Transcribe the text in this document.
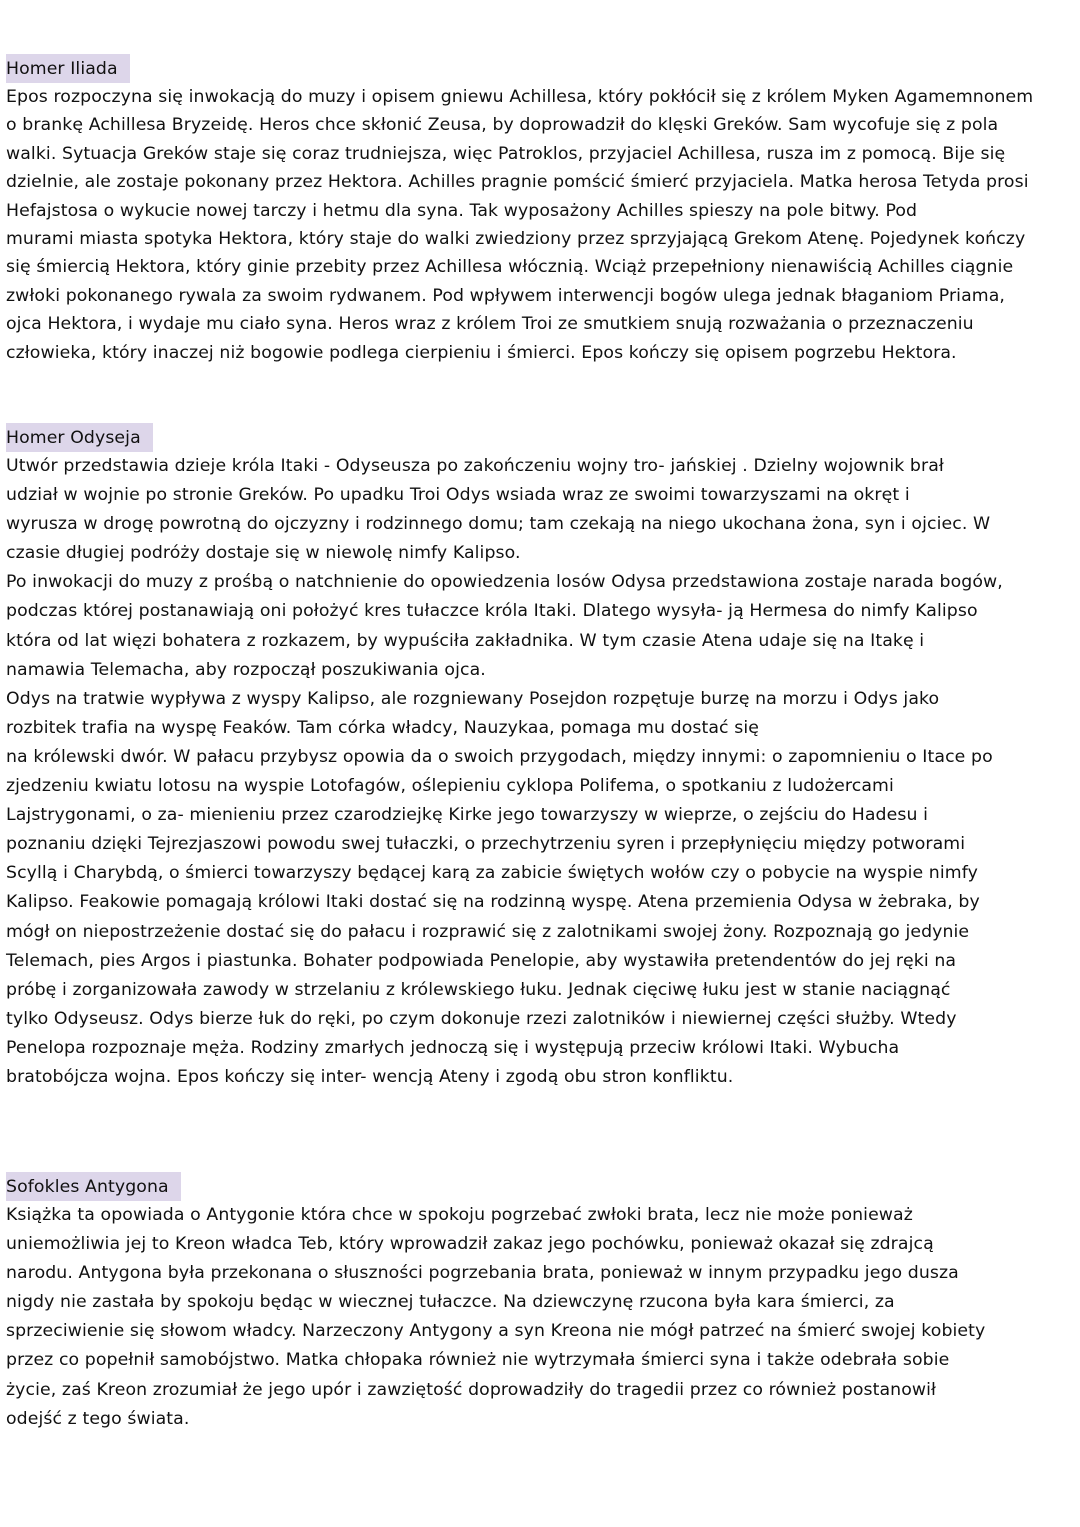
Homer Iliada
Epos rozpoczyna się inwokacją do muzy i opisem gniewu Achillesa, który pokłócił się z królem Myken Agamemnonem
o brankę Achillesa Bryzeidę. Heros chce skłonić Zeusa, by doprowadził do klęski Greków. Sam wycofuje się z pola
walki. Sytuacja Greków staje się coraz trudniejsza, więc Patroklos, przyjaciel Achillesa, rusza im z pomocą. Bije się
dzielnie, ale zostaje pokonany przez Hektora. Achilles pragnie pomścić śmierć przyjaciela. Matka herosa Tetyda prosi
Hefajstosa o wykucie nowej tarczy i hetmu dla syna. Tak wyposażony Achilles spieszy na pole bitwy. Pod
murami miasta spotyka Hektora, który staje do walki zwiedziony przez sprzyjającą Grekom Atenę. Pojedynek kończy
się śmiercią Hektora, który ginie przebity przez Achillesa włócznią. Wciąż przepełniony nienawiścią Achilles ciągnie
zwłoki pokonanego rywala za swoim rydwanem. Pod wpływem interwencji bogów ulega jednak błaganiom Priama,
ojca Hektora, i wydaje mu ciało syna. Heros wraz z królem Troi ze smutkiem snują rozważania o przeznaczeniu
człowieka, który inaczej niż bogowie podlega cierpieniu i śmierci. Epos kończy się opisem pogrzebu Hektora.
Homer Odyseja
Utwór przedstawia dzieje króla Itaki - Odyseusza po zakończeniu wojny tro- jańskiej . Dzielny wojownik brał
udział w wojnie po stronie Greków. Po upadku Troi Odys wsiada wraz ze swoimi towarzyszami na okręt i
wyrusza w drogę powrotną do ojczyzny i rodzinnego domu; tam czekają na niego ukochana żona, syn i ojciec. W
czasie długiej podróży dostaje się w niewolę nimfy Kalipso.
Po inwokacji do muzy z prośbą o natchnienie do opowiedzenia losów Odysa przedstawiona zostaje narada bogów,
podczas której postanawiają oni położyć kres tułaczce króla Itaki. Dlatego wysyła- ją Hermesa do nimfy Kalipso
która od lat więzi bohatera z rozkazem, by wypuściła zakładnika. W tym czasie Atena udaje się na Itakę i
namawia Telemacha, aby rozpoczął poszukiwania ojca.
Odys na tratwie wypływa z wyspy Kalipso, ale rozgniewany Posejdon rozpętuje burzę na morzu i Odys jako
rozbitek trafia na wyspę Feaków. Tam córka władcy, Nauzykaa, pomaga mu dostać się
na królewski dwór. W pałacu przybysz opowia da o swoich przygodach, między innymi: o zapomnieniu o Itace po
zjedzeniu kwiatu lotosu na wyspie Lotofagów, oślepieniu cyklopa Polifema, o spotkaniu z ludożercami
Lajstrygonami, o za- mienieniu przez czarodziejkę Kirke jego towarzyszy w wieprze, o zejściu do Hadesu i
poznaniu dzięki Tejrezjaszowi powodu swej tułaczki, o przechytrzeniu syren i przepłynięciu między potworami
Scyllą i Charybdą, o śmierci towarzyszy będącej karą za zabicie świętych wołów czy o pobycie na wyspie nimfy
Kalipso. Feakowie pomagają królowi Itaki dostać się na rodzinną wyspę. Atena przemienia Odysa w żebraka, by
mógł on niepostrzeżenie dostać się do pałacu i rozprawić się z zalotnikami swojej żony. Rozpoznają go jedynie
Telemach, pies Argos i piastunka. Bohater podpowiada Penelopie, aby wystawiła pretendentów do jej ręki na
próbę i zorganizowała zawody w strzelaniu z królewskiego łuku. Jednak cięciwę łuku jest w stanie naciągnąć
tylko Odyseusz. Odys bierze łuk do ręki, po czym dokonuje rzezi zalotników i niewiernej części służby. Wtedy
Penelopa rozpoznaje męża. Rodziny zmarłych jednoczą się i występują przeciw królowi Itaki. Wybucha
bratobójcza wojna. Epos kończy się inter- wencją Ateny i zgodą obu stron konfliktu.
Sofokles Antygona
Książka ta opowiada o Antygonie która chce w spokoju pogrzebać zwłoki brata, lecz nie może ponieważ
uniemożliwia jej to Kreon władca Teb, który wprowadził zakaz jego pochówku, ponieważ okazał się zdrajcą
narodu. Antygona była przekonana o słuszności pogrzebania brata, ponieważ w innym przypadku jego dusza
nigdy nie zastała by spokoju będąc w wiecznej tułaczce. Na dziewczynę rzucona była kara śmierci, za
sprzeciwienie się słowom władcy. Narzeczony Antygony a syn Kreona nie mógł patrzeć na śmierć swojej kobiety
przez co popełnił samobójstwo. Matka chłopaka również nie wytrzymała śmierci syna i także odebrała sobie
życie, zaś Kreon zrozumiał że jego upór i zawziętość doprowadziły do tragedii przez co również postanowił
odejść z tego świata.
